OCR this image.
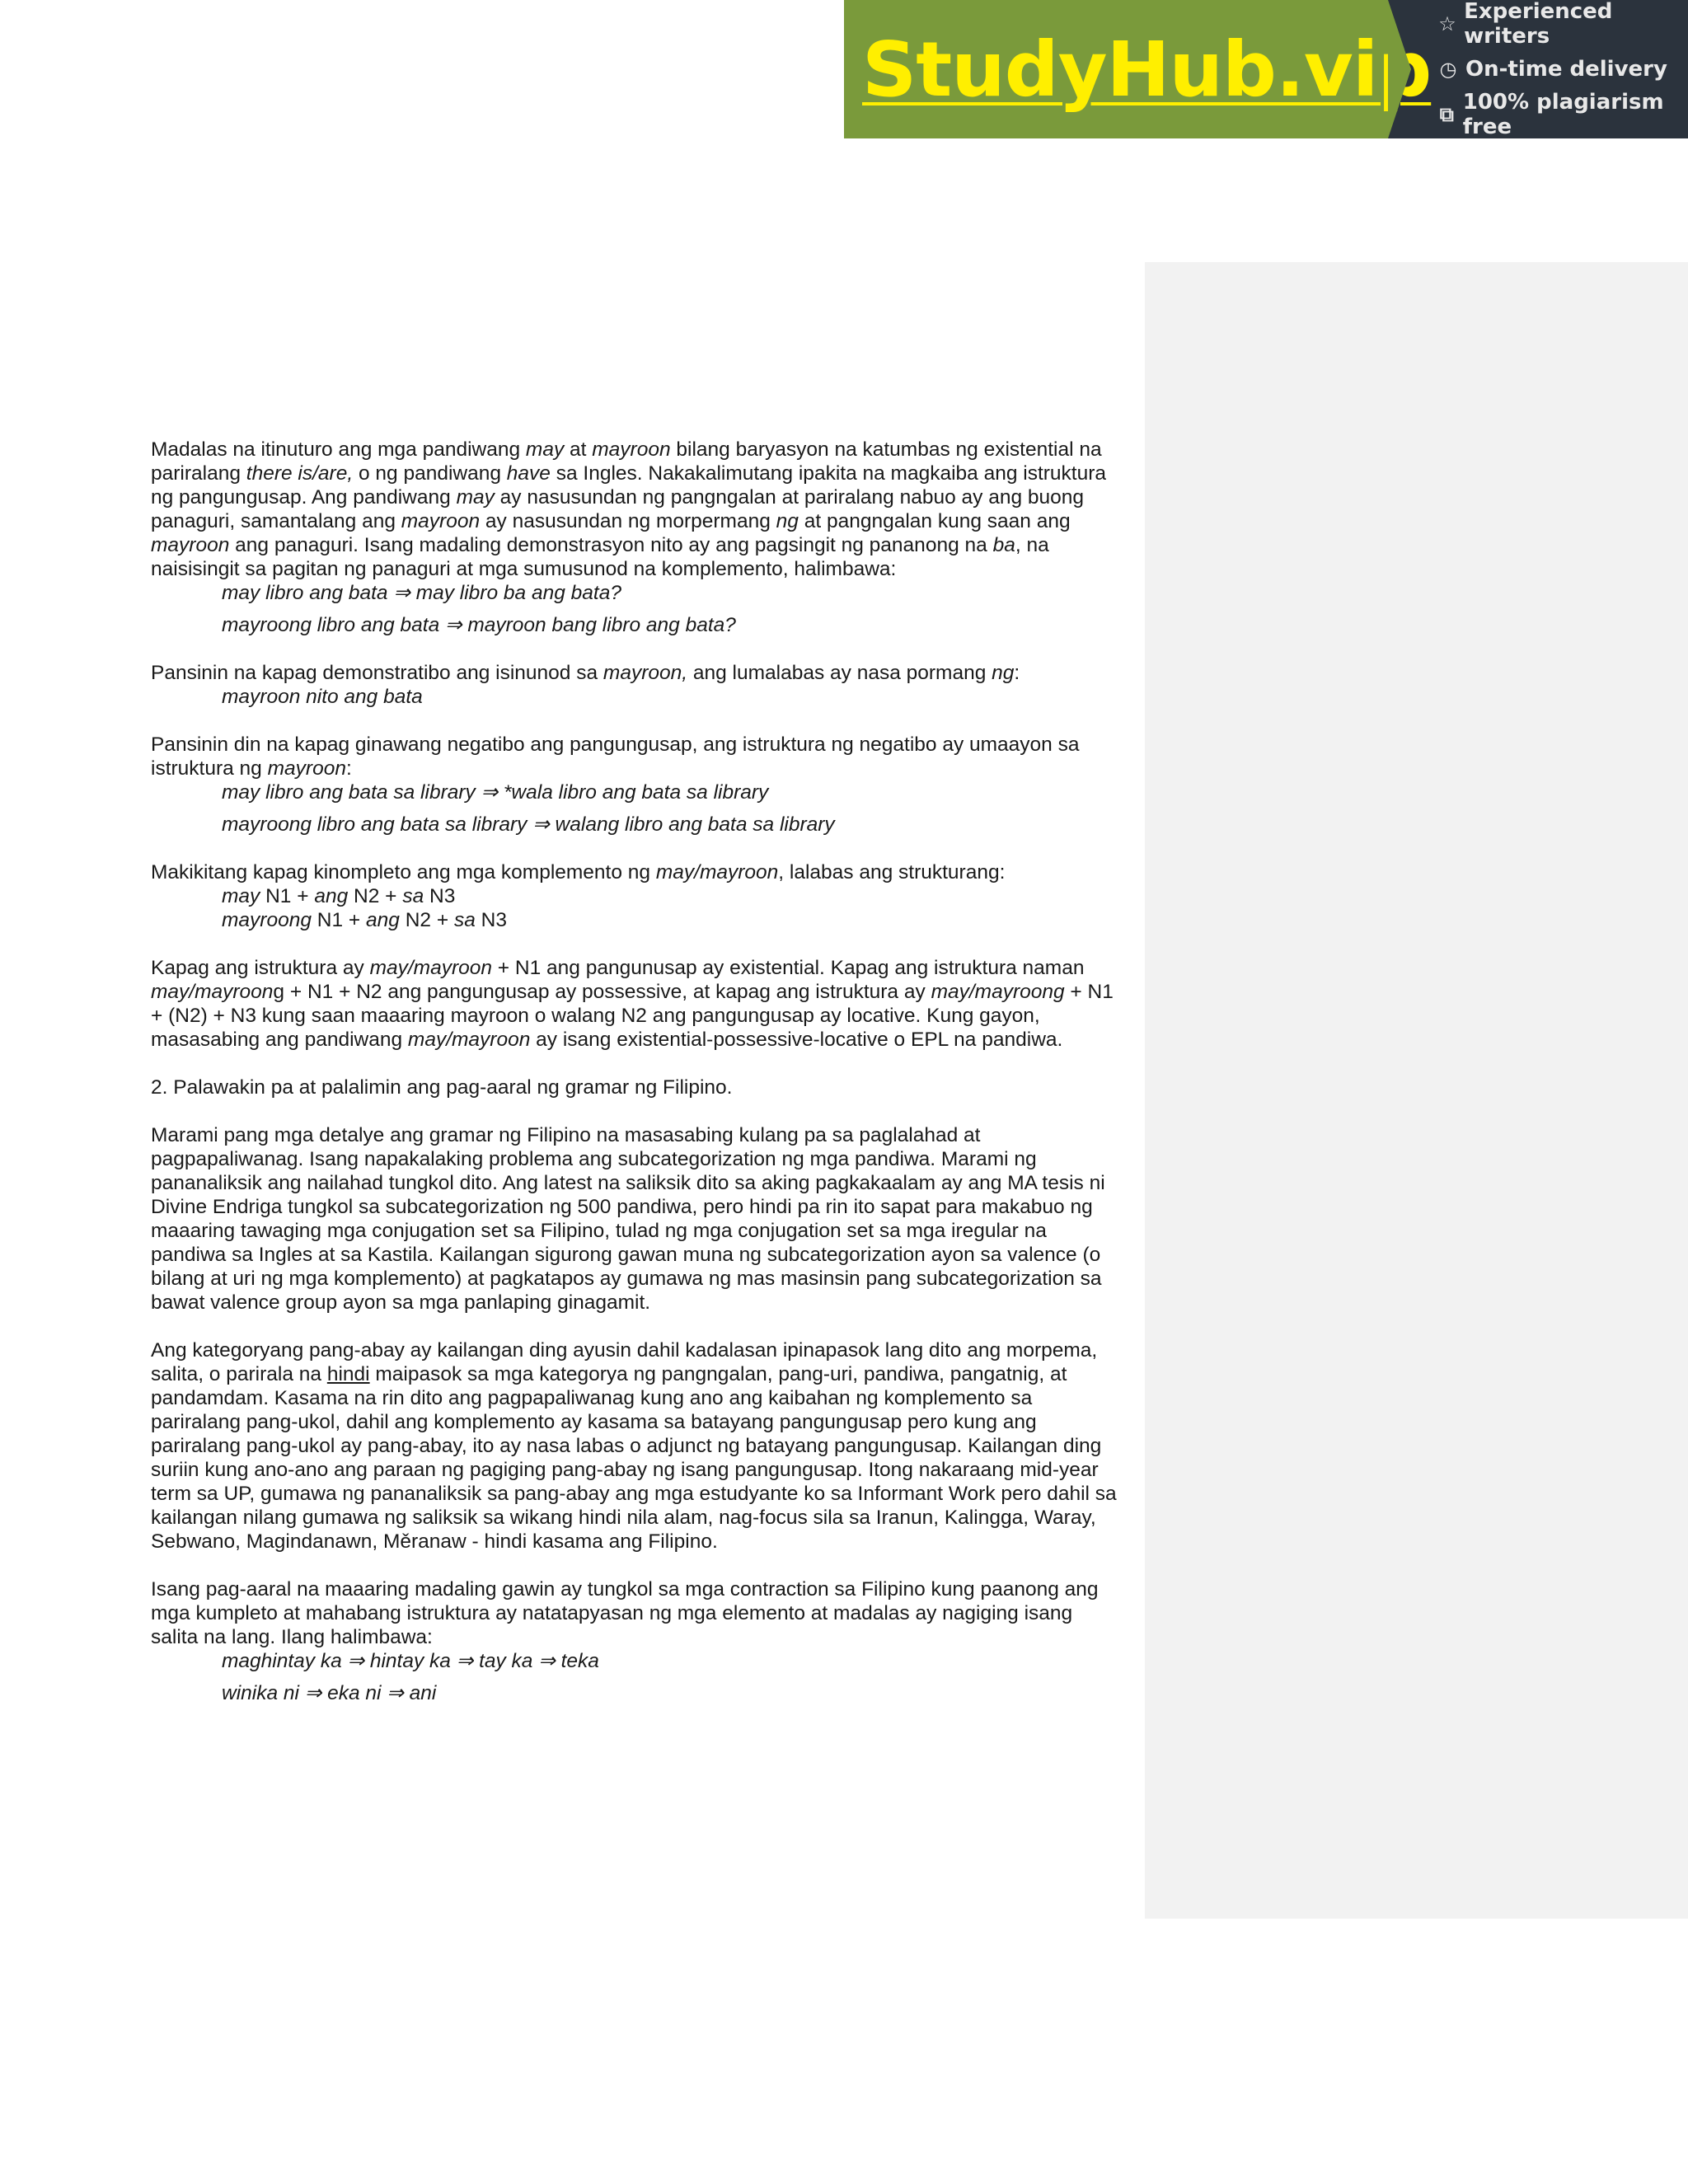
StudyHub.vip
☆ Experienced writers
◷ On-time delivery
⧉ 100% plagiarism free

Madalas na itinuturo ang mga pandiwang may at mayroon bilang baryasyon na katumbas ng existential na pariralang there is/are, o ng pandiwang have sa Ingles. Nakakalimutang ipakita na magkaiba ang istruktura ng pangungusap. Ang pandiwang may ay nasusundan ng pangngalan at pariralang nabuo ay ang buong panaguri, samantalang ang mayroon ay nasusundan ng morpermang ng at pangngalan kung saan ang mayroon ang panaguri. Isang madaling demonstrasyon nito ay ang pagsingit ng pananong na ba, na naisisingit sa pagitan ng panaguri at mga sumusunod na komplemento, halimbawa:

may libro ang bata ⇒ may libro ba ang bata?

mayroong libro ang bata ⇒ mayroon bang libro ang bata?

Pansinin na kapag demonstratibo ang isinunod sa mayroon, ang lumalabas ay nasa pormang ng:

mayroon nito ang bata

Pansinin din na kapag ginawang negatibo ang pangungusap, ang istruktura ng negatibo ay umaayon sa istruktura ng mayroon:

may libro ang bata sa library ⇒ *wala libro ang bata sa library

mayroong libro ang bata sa library ⇒ walang libro ang bata sa library

Makikitang kapag kinompleto ang mga komplemento ng may/mayroon, lalabas ang strukturang:

may N1 + ang N2 + sa N3

mayroong N1 + ang N2 + sa N3

Kapag ang istruktura ay may/mayroon + N1 ang pangunusap ay existential. Kapag ang istruktura naman may/mayroong + N1 + N2 ang pangungusap ay possessive, at kapag ang istruktura ay may/mayroong + N1 + (N2) + N3 kung saan maaaring mayroon o walang N2 ang pangungusap ay locative. Kung gayon, masasabing ang pandiwang may/mayroon ay isang existential-possessive-locative o EPL na pandiwa.

2. Palawakin pa at palalimin ang pag-aaral ng gramar ng Filipino.

Marami pang mga detalye ang gramar ng Filipino na masasabing kulang pa sa paglalahad at pagpapaliwanag. Isang napakalaking problema ang subcategorization ng mga pandiwa. Marami ng pananaliksik ang nailahad tungkol dito. Ang latest na saliksik dito sa aking pagkakaalam ay ang MA tesis ni Divine Endriga tungkol sa subcategorization ng 500 pandiwa, pero hindi pa rin ito sapat para makabuo ng maaaring tawaging mga conjugation set sa Filipino, tulad ng mga conjugation set sa mga iregular na pandiwa sa Ingles at sa Kastila. Kailangan sigurong gawan muna ng subcategorization ayon sa valence (o bilang at uri ng mga komplemento) at pagkatapos ay gumawa ng mas masinsin pang subcategorization sa bawat valence group ayon sa mga panlaping ginagamit.

Ang kategoryang pang-abay ay kailangan ding ayusin dahil kadalasan ipinapasok lang dito ang morpema, salita, o parirala na hindi maipasok sa mga kategorya ng pangngalan, pang-uri, pandiwa, pangatnig, at pandamdam. Kasama na rin dito ang pagpapaliwanag kung ano ang kaibahan ng komplemento sa pariralang pang-ukol, dahil ang komplemento ay kasama sa batayang pangungusap pero kung ang pariralang pang-ukol ay pang-abay, ito ay nasa labas o adjunct ng batayang pangungusap. Kailangan ding suriin kung ano-ano ang paraan ng pagiging pang-abay ng isang pangungusap. Itong nakaraang mid-year term sa UP, gumawa ng pananaliksik sa pang-abay ang mga estudyante ko sa Informant Work pero dahil sa kailangan nilang gumawa ng saliksik sa wikang hindi nila alam, nag-focus sila sa Iranun, Kalingga, Waray, Sebwano, Magindanawn, Měranaw - hindi kasama ang Filipino.

Isang pag-aaral na maaaring madaling gawin ay tungkol sa mga contraction sa Filipino kung paanong ang mga kumpleto at mahabang istruktura ay natatapyasan ng mga elemento at madalas ay nagiging isang salita na lang. Ilang halimbawa:

maghintay ka ⇒ hintay ka ⇒ tay ka ⇒ teka

winika ni ⇒ eka ni ⇒ ani
